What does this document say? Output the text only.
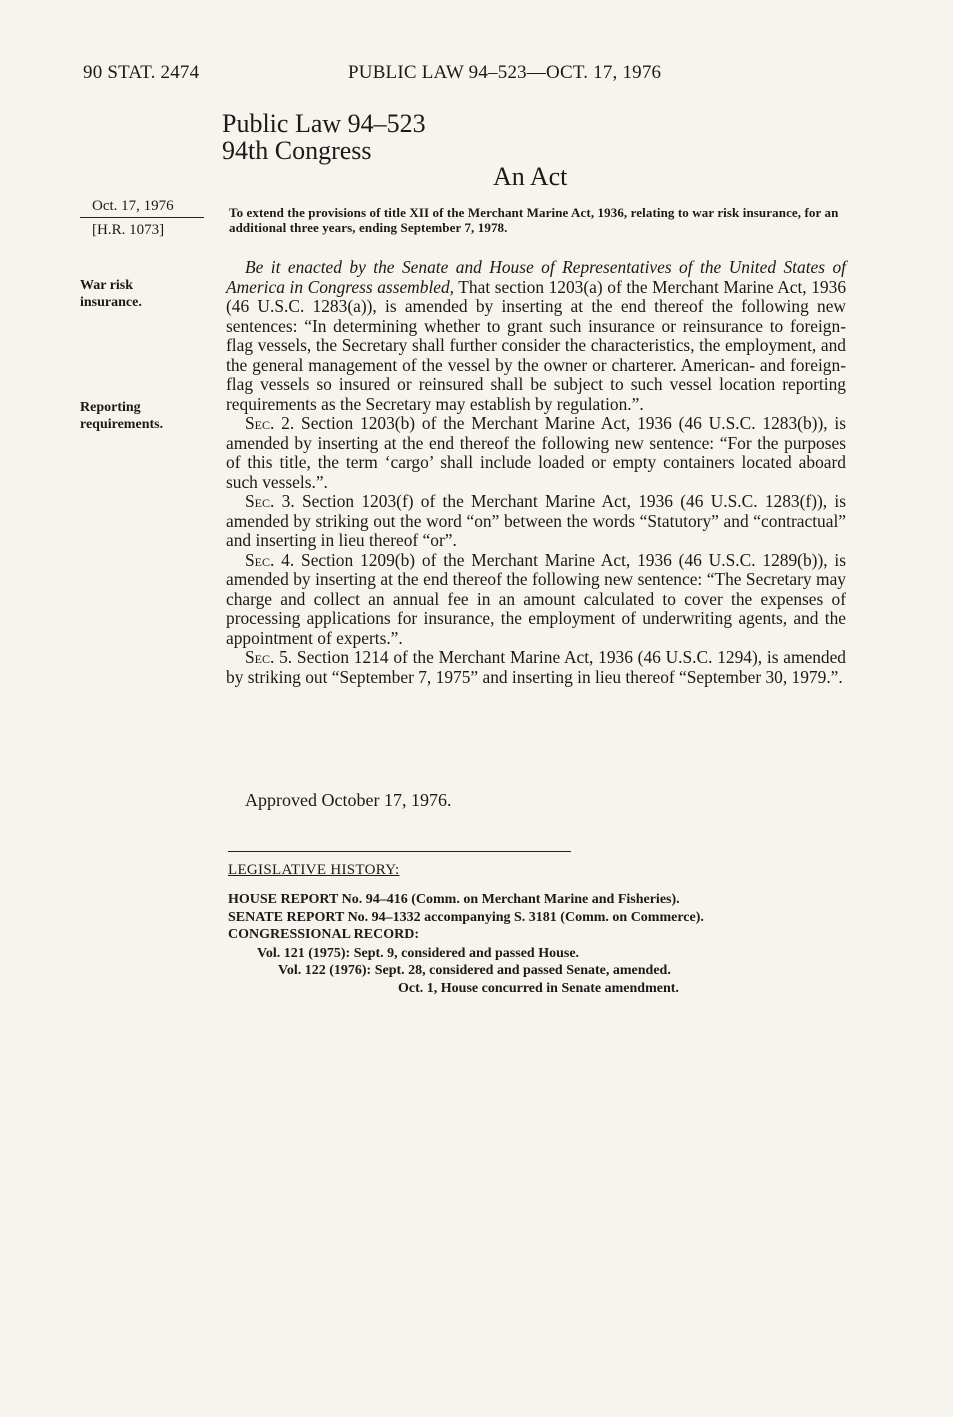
90 STAT. 2474	PUBLIC LAW 94–523—OCT. 17, 1976
Public Law 94–523
94th Congress
An Act
Oct. 17, 1976
[H.R. 1073]
War risk
insurance.
Reporting
requirements.
To extend the provisions of title XII of the Merchant Marine Act, 1936, relating to war risk insurance, for an additional three years, ending September 7, 1978.

Be it enacted by the Senate and House of Representatives of the United States of America in Congress assembled, That section 1203(a) of the Merchant Marine Act, 1936 (46 U.S.C. 1283(a)), is amended by inserting at the end thereof the following new sentences: “In determining whether to grant such insurance or reinsurance to foreign-flag vessels, the Secretary shall further consider the characteristics, the employment, and the general management of the vessel by the owner or charterer. American- and foreign-flag vessels so insured or reinsured shall be subject to such vessel location reporting requirements as the Secretary may establish by regulation.”.

Sec. 2. Section 1203(b) of the Merchant Marine Act, 1936 (46 U.S.C. 1283(b)), is amended by inserting at the end thereof the following new sentence: “For the purposes of this title, the term ‘cargo’ shall include loaded or empty containers located aboard such vessels.”.

Sec. 3. Section 1203(f) of the Merchant Marine Act, 1936 (46 U.S.C. 1283(f)), is amended by striking out the word “on” between the words “Statutory” and “contractual” and inserting in lieu thereof “or”.

Sec. 4. Section 1209(b) of the Merchant Marine Act, 1936 (46 U.S.C. 1289(b)), is amended by inserting at the end thereof the following new sentence: “The Secretary may charge and collect an annual fee in an amount calculated to cover the expenses of processing applications for insurance, the employment of underwriting agents, and the appointment of experts.”.

Sec. 5. Section 1214 of the Merchant Marine Act, 1936 (46 U.S.C. 1294), is amended by striking out “September 7, 1975” and inserting in lieu thereof “September 30, 1979.”.

Approved October 17, 1976.
LEGISLATIVE HISTORY:
HOUSE REPORT No. 94–416 (Comm. on Merchant Marine and Fisheries).
SENATE REPORT No. 94–1332 accompanying S. 3181 (Comm. on Commerce).
CONGRESSIONAL RECORD:
Vol. 121 (1975): Sept. 9, considered and passed House.
Vol. 122 (1976): Sept. 28, considered and passed Senate, amended.
Oct. 1, House concurred in Senate amendment.
